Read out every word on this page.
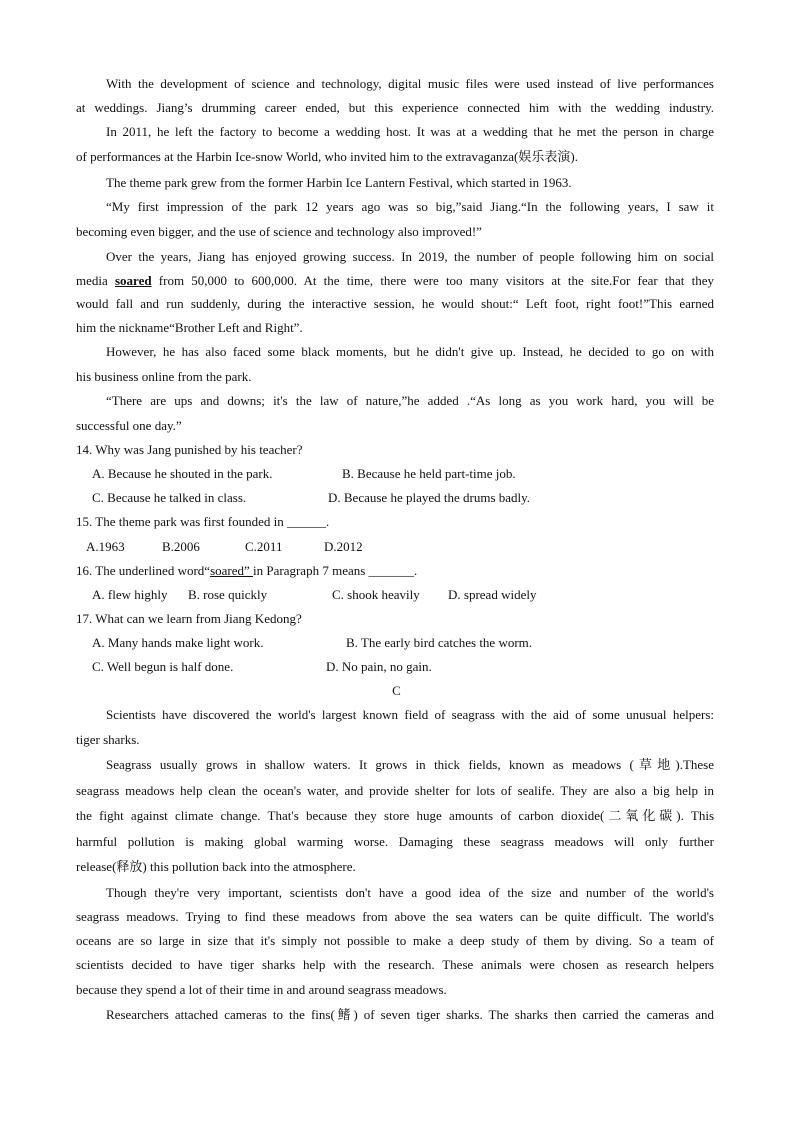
With the development of science and technology, digital music files were used instead of live performances
at weddings. Jiang’s drumming career ended, but this experience connected him with the wedding industry.
In 2011, he left the factory to become a wedding host. It was at a wedding that he met the person in charge
of performances at the Harbin Ice-snow World, who invited him to the extravaganza(娱乐表演).
The theme park grew from the former Harbin Ice Lantern Festival, which started in 1963.
“My first impression of the park 12 years ago was so big,”said Jiang.“In the following years, I saw it
becoming even bigger, and the use of science and technology also improved!”
Over the years, Jiang has enjoyed growing success. In 2019, the number of people following him on social
media soared from 50,000 to 600,000. At the time, there were too many visitors at the site.For fear that they
would fall and run suddenly, during the interactive session, he would shout:“ Left foot, right foot!”This earned
him the nickname“Brother Left and Right”.
However, he has also faced some black moments, but he didn't give up. Instead, he decided to go on with
his business online from the park.
“There are ups and downs; it's the law of nature,”he added .“As long as you work hard, you will be
successful one day.”
14. Why was Jang punished by his teacher?
A. Because he shouted in the park.	B. Because he held part-time job.
C. Because he talked in class.	D. Because he played the drums badly.
15. The theme park was first founded in ______.
A.1963	B.2006	C.2011	D.2012
16. The underlined word“soared” in Paragraph 7 means _______.
A. flew highly B. rose quickly	C. shook heavily D. spread widely
17. What can we learn from Jiang Kedong?
A. Many hands make light work.	B. The early bird catches the worm.
C. Well begun is half done.	D. No pain, no gain.
C
Scientists have discovered the world's largest known field of seagrass with the aid of some unusual helpers:
tiger sharks.
Seagrass usually grows in shallow waters. It grows in thick fields, known as meadows (草地).These
seagrass meadows help clean the ocean's water, and provide shelter for lots of sealife. They are also a big help in
the fight against climate change. That's because they store huge amounts of carbon dioxide(二氧化碳). This
harmful pollution is making global warming worse. Damaging these seagrass meadows will only further
release(释放) this pollution back into the atmosphere.
Though they're very important, scientists don't have a good idea of the size and number of the world's
seagrass meadows. Trying to find these meadows from above the sea waters can be quite difficult. The world's
oceans are so large in size that it's simply not possible to make a deep study of them by diving. So a team of
scientists decided to have tiger sharks help with the research. These animals were chosen as research helpers
because they spend a lot of their time in and around seagrass meadows.
Researchers attached cameras to the fins(鳍) of seven tiger sharks. The sharks then carried the cameras and
